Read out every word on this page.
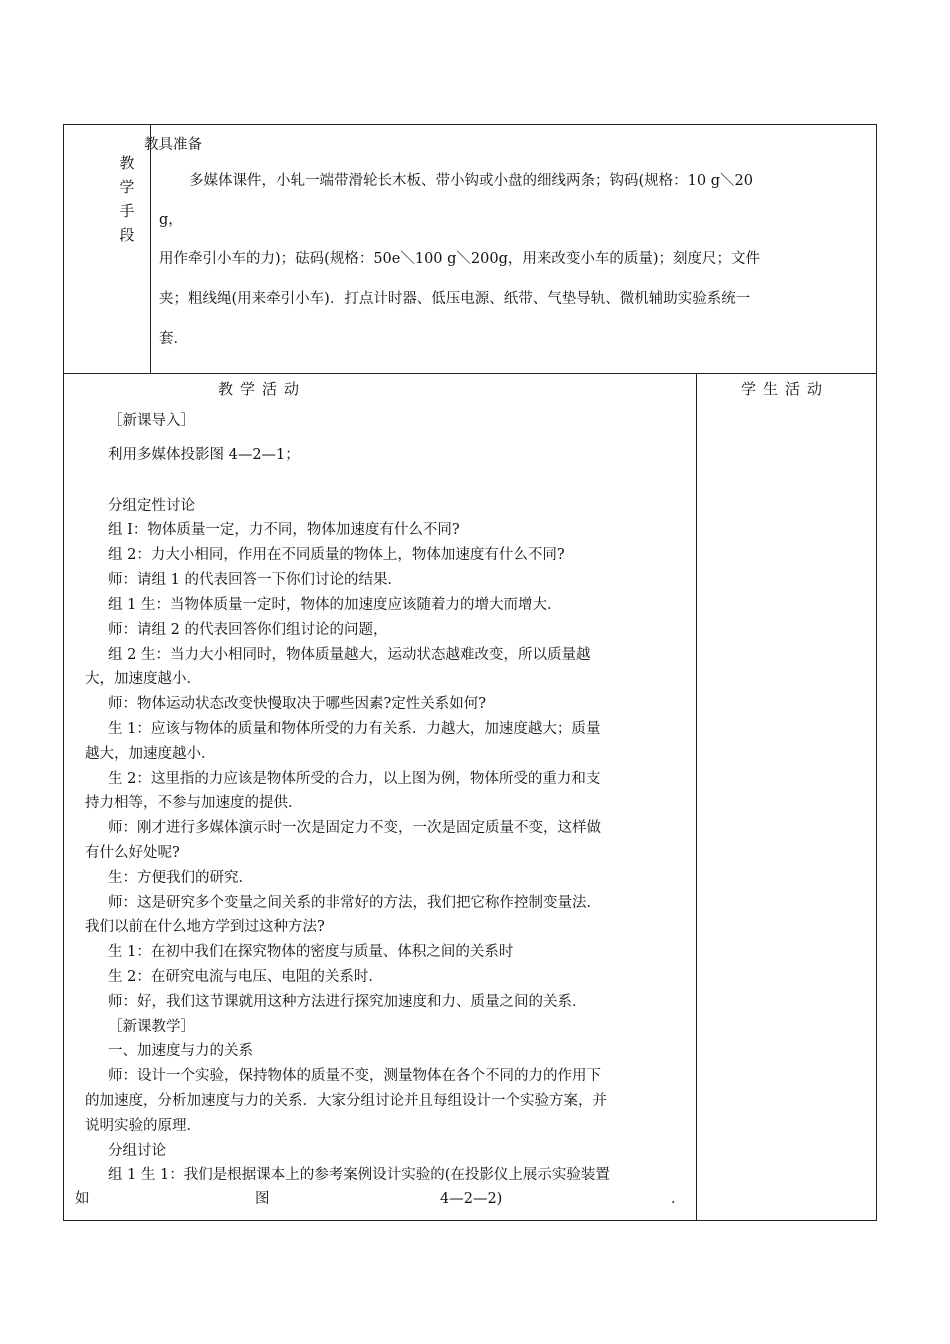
教学手段
教具准备
多媒体课件，小轧一端带滑轮长木板、带小钩或小盘的细线两条；钩码(规格：10 g＼20
g，
用作牵引小车的力)；砝码(规格：50e＼100 g＼200g，用来改变小车的质量)；刻度尺；文件
夹；粗线绳(用来牵引小车)．打点计时器、低压电源、纸带、气垫导轨、微机辅助实验系统一
套．
教学活动
［新课导入］
利用多媒体投影图 4—2—1；
分组定性讨论
组 I：物体质量一定，力不同，物体加速度有什么不同?
组 2：力大小相同，作用在不同质量的物体上，物体加速度有什么不同?
师：请组 1 的代表回答一下你们讨论的结果．
组 1 生：当物体质量一定时，物体的加速度应该随着力的增大而增大．
师：请组 2 的代表回答你们组讨论的问题，
组 2 生：当力大小相同时，物体质量越大，运动状态越难改变，所以质量越
大，加速度越小．
师：物体运动状态改变快慢取决于哪些因素?定性关系如何?
生 1：应该与物体的质量和物体所受的力有关系．力越大，加速度越大；质量
越大，加速度越小．
生 2：这里指的力应该是物体所受的合力，以上图为例，物体所受的重力和支
持力相等，不参与加速度的提供．
师：刚才进行多媒体演示时一次是固定力不变，一次是固定质量不变，这样做
有什么好处呢?
生：方便我们的研究．
师：这是研究多个变量之间关系的非常好的方法，我们把它称作控制变量法．
我们以前在什么地方学到过这种方法?
生 1：在初中我们在探究物体的密度与质量、体积之间的关系时
生 2：在研究电流与电压、电阻的关系时．
师：好，我们这节课就用这种方法进行探究加速度和力、质量之间的关系．
［新课教学］
一、加速度与力的关系
师：设计一个实验，保持物体的质量不变，测量物体在各个不同的力的作用下
的加速度，分析加速度与力的关系．大家分组讨论并且每组设计一个实验方案，并
说明实验的原理．
分组讨论
组 1 生 1：我们是根据课本上的参考案例设计实验的(在投影仪上展示实验装置
如	图	4—2—2)	．
学生活动
